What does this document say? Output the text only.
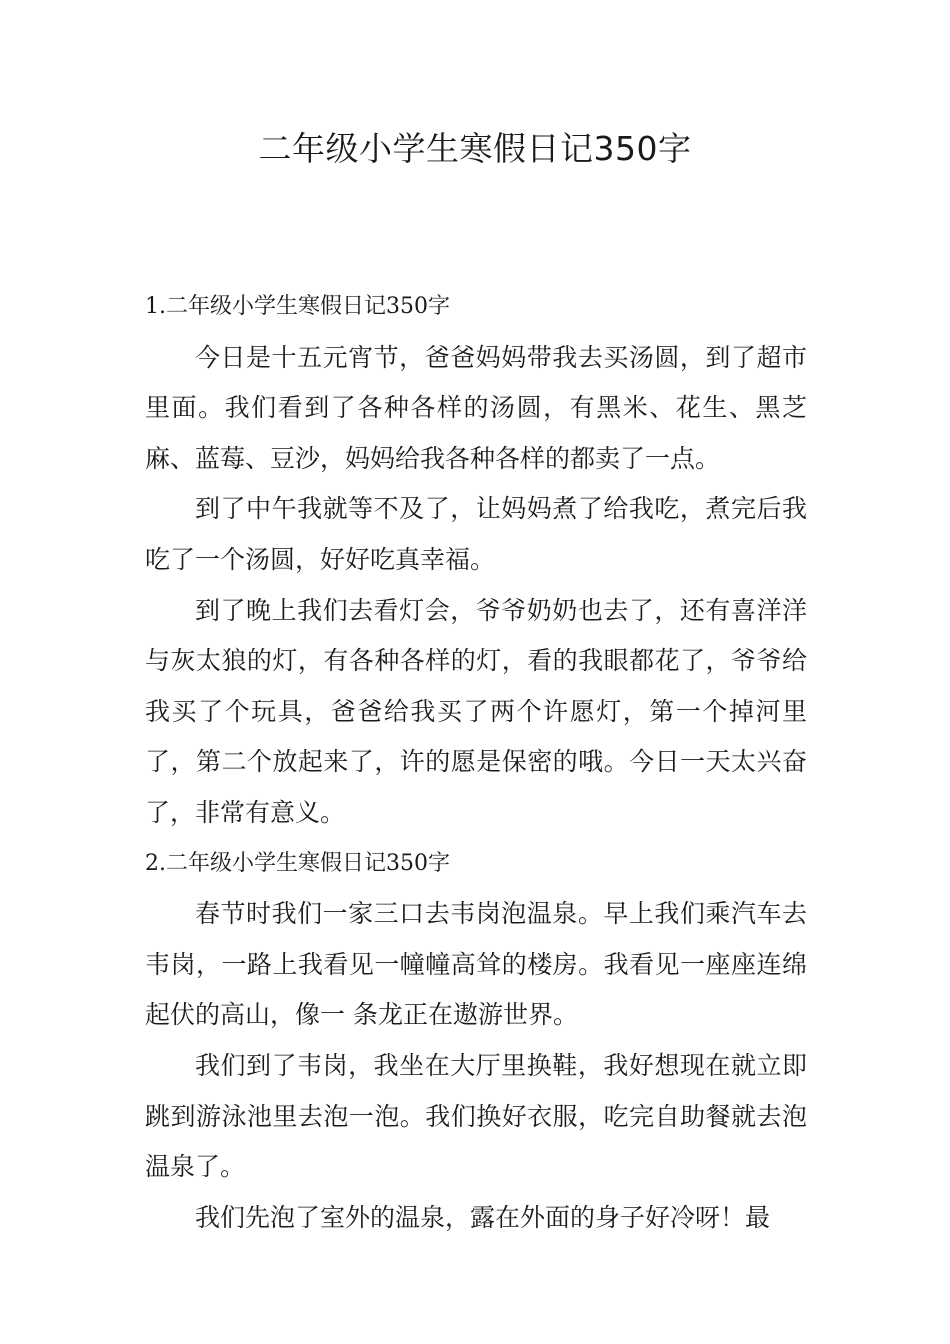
二年级小学生寒假日记350字
1.二年级小学生寒假日记350字

今日是十五元宵节，爸爸妈妈带我去买汤圆，到了超市里面。我们看到了各种各样的汤圆，有黑米、花生、黑芝麻、蓝莓、豆沙，妈妈给我各种各样的都卖了一点。

到了中午我就等不及了，让妈妈煮了给我吃，煮完后我吃了一个汤圆，好好吃真幸福。

到了晚上我们去看灯会，爷爷奶奶也去了，还有喜洋洋与灰太狼的灯，有各种各样的灯，看的我眼都花了，爷爷给我买了个玩具，爸爸给我买了两个许愿灯，第一个掉河里了，第二个放起来了，许的愿是保密的哦。今日一天太兴奋了，非常有意义。

2.二年级小学生寒假日记350字

春节时我们一家三口去韦岗泡温泉。早上我们乘汽车去韦岗，一路上我看见一幢幢高耸的楼房。我看见一座座连绵起伏的高山，像一 条龙正在遨游世界。

我们到了韦岗，我坐在大厅里换鞋，我好想现在就立即跳到游泳池里去泡一泡。我们换好衣服，吃完自助餐就去泡温泉了。

我们先泡了室外的温泉，露在外面的身子好冷呀！最
